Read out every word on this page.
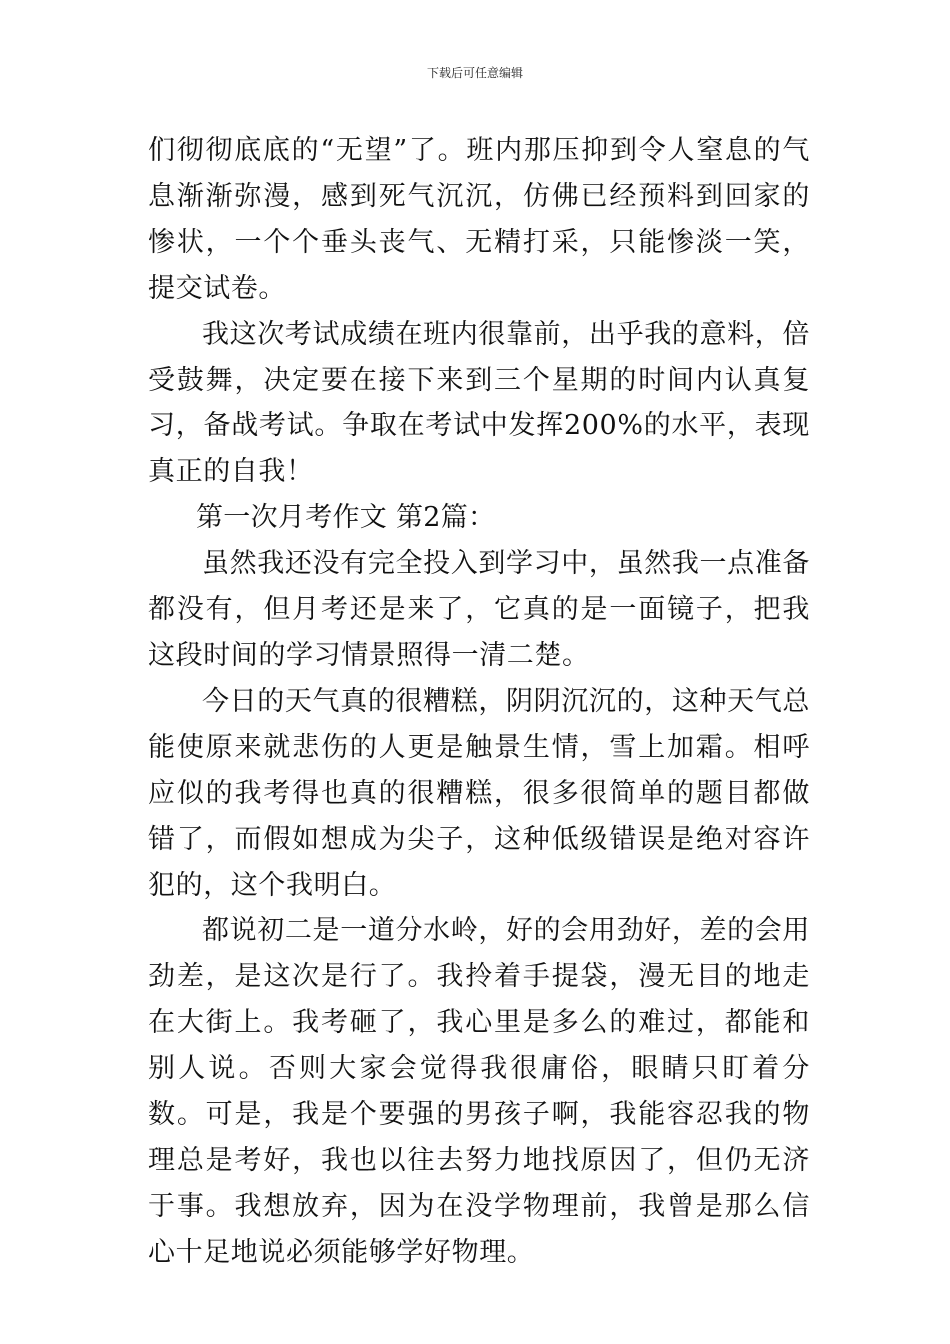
下载后可任意编辑

们彻彻底底的“无望”了。班内那压抑到令人窒息的气息渐渐弥漫，感到死气沉沉，仿佛已经预料到回家的惨状，一个个垂头丧气、无精打采，只能惨淡一笑，提交试卷。

我这次考试成绩在班内很靠前，出乎我的意料，倍受鼓舞，决定要在接下来到三个星期的时间内认真复习，备战考试。争取在考试中发挥200%的水平，表现真正的自我！

第一次月考作文 第2篇：

虽然我还没有完全投入到学习中，虽然我一点准备都没有，但月考还是来了，它真的是一面镜子，把我这段时间的学习情景照得一清二楚。

今日的天气真的很糟糕，阴阴沉沉的，这种天气总能使原来就悲伤的人更是触景生情，雪上加霜。相呼应似的我考得也真的很糟糕，很多很简单的题目都做错了，而假如想成为尖子，这种低级错误是绝对容许犯的，这个我明白。

都说初二是一道分水岭，好的会用劲好，差的会用劲差，是这次是行了。我拎着手提袋，漫无目的地走在大街上。我考砸了，我心里是多么的难过，都能和别人说。否则大家会觉得我很庸俗，眼睛只盯着分数。可是，我是个要强的男孩子啊，我能容忍我的物理总是考好，我也以往去努力地找原因了，但仍无济于事。我想放弃，因为在没学物理前，我曾是那么信心十足地说必须能够学好物理。
